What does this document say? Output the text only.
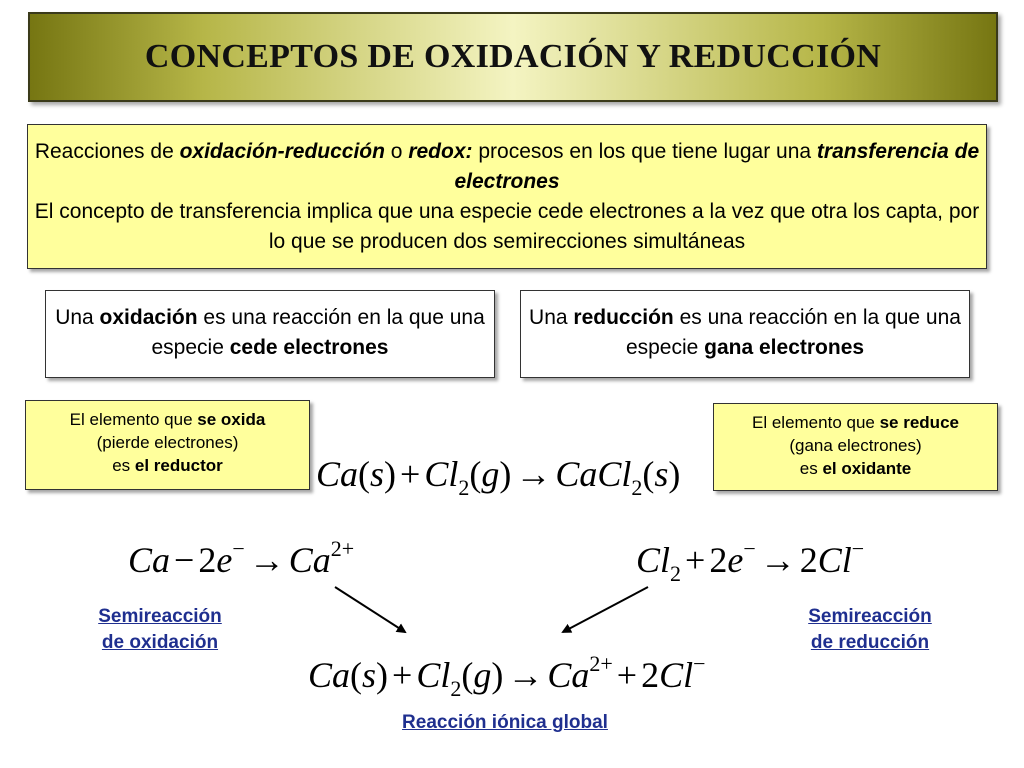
CONCEPTOS DE OXIDACIÓN Y REDUCCIÓN
Reacciones de oxidación-reducción o redox: procesos en los que tiene lugar una transferencia de electrones
El concepto de transferencia implica que una especie cede electrones a la vez que otra los capta, por lo que se producen dos semirecciones simultáneas
Una oxidación es una reacción en la que una especie cede electrones
Una reducción es una reacción en la que una especie gana electrones
El elemento que se oxida
(pierde electrones)
es el reductor
El elemento que se reduce
(gana electrones)
es el oxidante
$Ca(s) + Cl_2(g)$ → CaCl$_2$(s)
$Ca - 2e^- \to Ca^{2+}$	$Cl_2 + 2e^- \to 2Cl^-$
$Ca(s) + Cl_2(g) \to Ca^{2+} + 2Cl^-$
Semireacción
de oxidación
Semireacción
de reducción
Reacción iónica global
